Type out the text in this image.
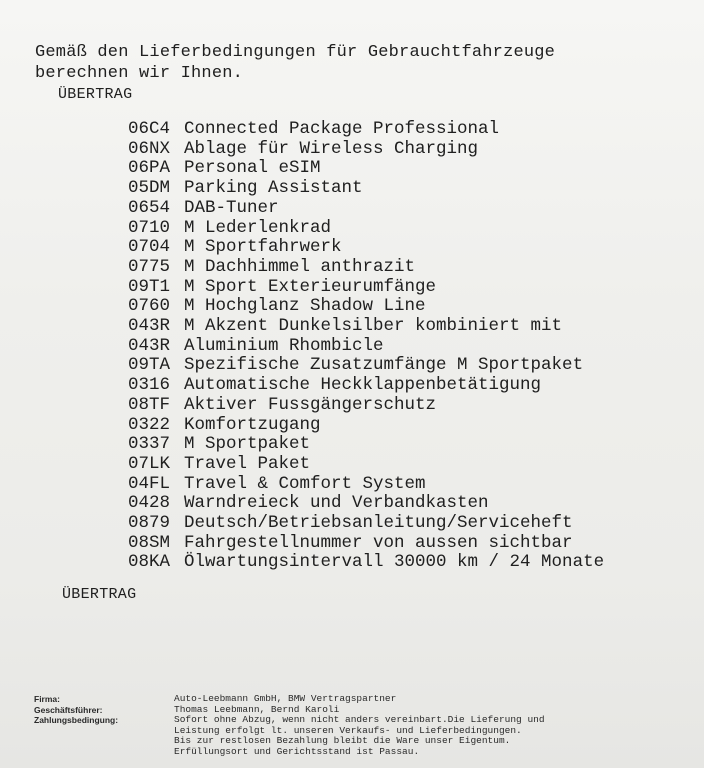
Gemäß den Lieferbedingungen für Gebrauchtfahrzeuge
berechnen wir Ihnen.
ÜBERTRAG
06C4 Connected Package Professional
06NX Ablage für Wireless Charging
06PA Personal eSIM
05DM Parking Assistant
0654 DAB-Tuner
0710 M Lederlenkrad
0704 M Sportfahrwerk
0775 M Dachhimmel anthrazit
09T1 M Sport Exterieurumfänge
0760 M Hochglanz Shadow Line
043R M Akzent Dunkelsilber kombiniert mit
043R Aluminium Rhombicle
09TA Spezifische Zusatzumfänge M Sportpaket
0316 Automatische Heckklappenbetätigung
08TF Aktiver Fussgängerschutz
0322 Komfortzugang
0337 M Sportpaket
07LK Travel Paket
04FL Travel & Comfort System
0428 Warndreieck und Verbandkasten
0879 Deutsch/Betriebsanleitung/Serviceheft
08SM Fahrgestellnummer von aussen sichtbar
08KA Ölwartungsintervall 30000 km / 24 Monate
ÜBERTRAG
Firma:	Auto-Leebmann GmbH, BMW Vertragspartner
Geschäftsführer:	Thomas Leebmann, Bernd Karoli
Zahlungsbedingung:	Sofort ohne Abzug, wenn nicht anders vereinbart.Die Lieferung und
Leistung erfolgt lt. unseren Verkaufs- und Lieferbedingungen.
Bis zur restlosen Bezahlung bleibt die Ware unser Eigentum.
Erfüllungsort und Gerichtsstand ist Passau.
